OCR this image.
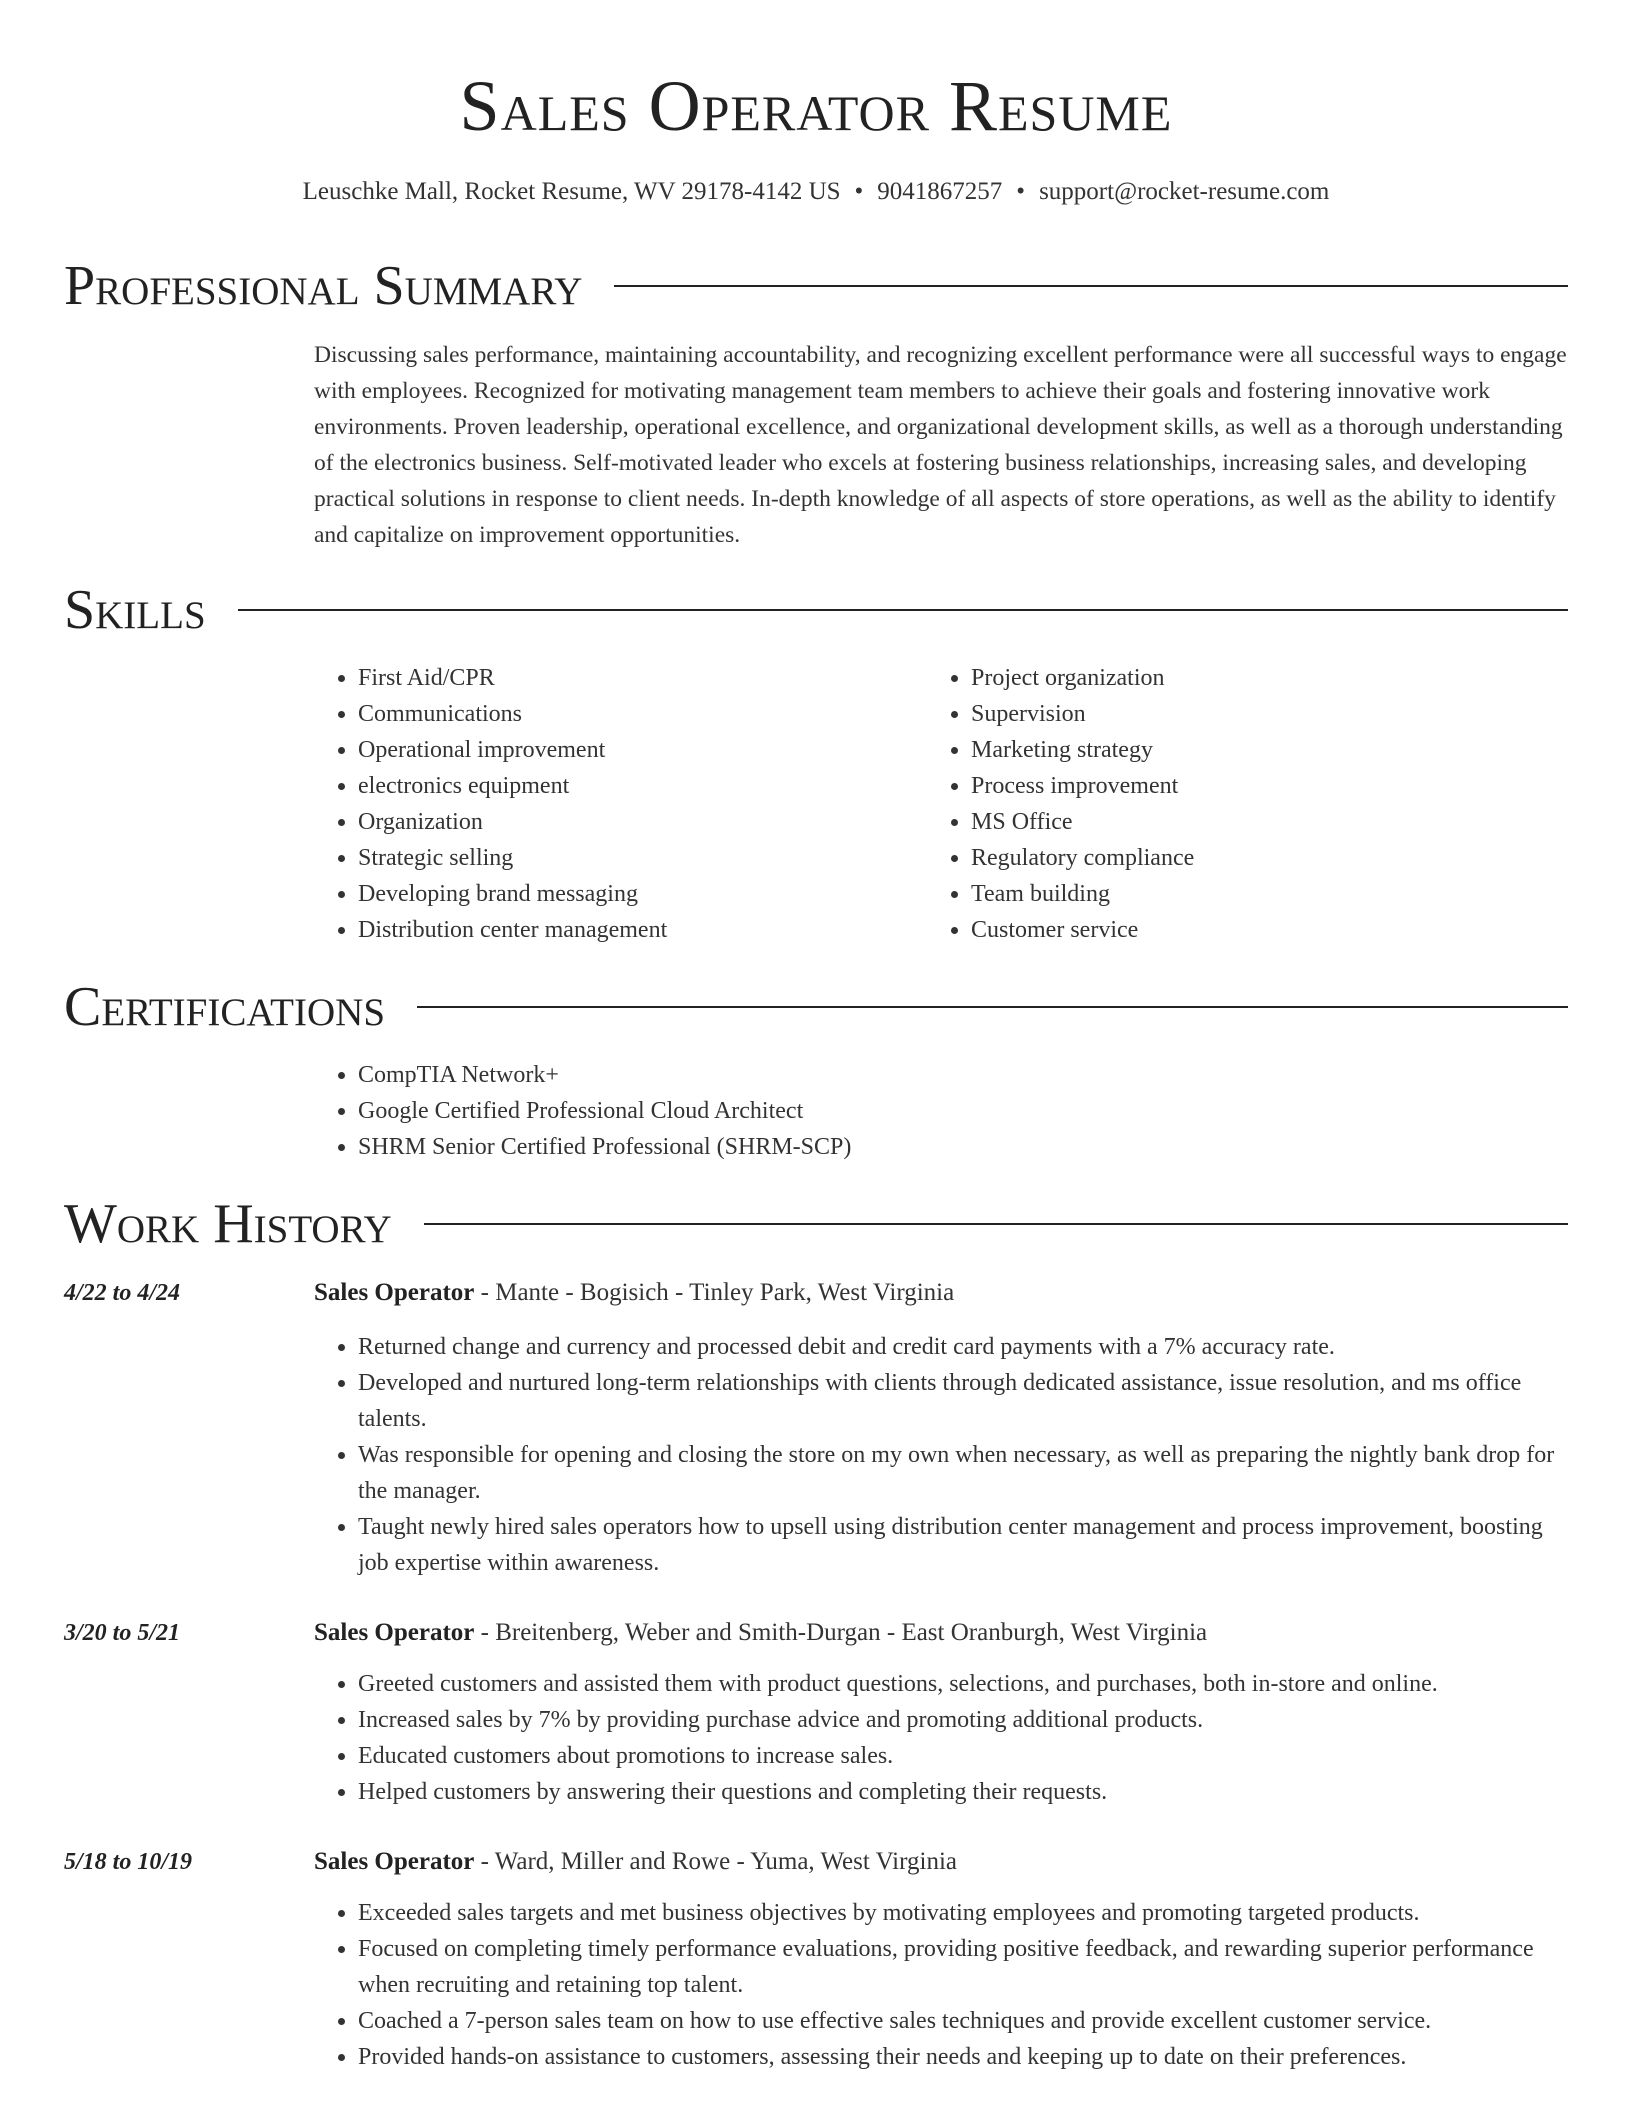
Sales Operator Resume
Leuschke Mall, Rocket Resume, WV 29178-4142 US • 9041867257 • support@rocket-resume.com
Professional Summary

Discussing sales performance, maintaining accountability, and recognizing excellent performance were all successful ways to engage with employees. Recognized for motivating management team members to achieve their goals and fostering innovative work environments. Proven leadership, operational excellence, and organizational development skills, as well as a thorough understanding of the electronics business. Self-motivated leader who excels at fostering business relationships, increasing sales, and developing practical solutions in response to client needs. In-depth knowledge of all aspects of store operations, as well as the ability to identify and capitalize on improvement opportunities.

Skills
• First Aid/CPR
• Communications
• Operational improvement
• electronics equipment
• Organization
• Strategic selling
• Developing brand messaging
• Distribution center management
• Project organization
• Supervision
• Marketing strategy
• Process improvement
• MS Office
• Regulatory compliance
• Team building
• Customer service
Certifications
• CompTIA Network+
• Google Certified Professional Cloud Architect
• SHRM Senior Certified Professional (SHRM-SCP)
Work History
4/22 to 4/24	Sales Operator - Mante - Bogisich - Tinley Park, West Virginia
• Returned change and currency and processed debit and credit card payments with a 7% accuracy rate.
• Developed and nurtured long-term relationships with clients through dedicated assistance, issue resolution, and ms office talents.
• Was responsible for opening and closing the store on my own when necessary, as well as preparing the nightly bank drop for the manager.
• Taught newly hired sales operators how to upsell using distribution center management and process improvement, boosting job expertise within awareness.
3/20 to 5/21	Sales Operator - Breitenberg, Weber and Smith-Durgan - East Oranburgh, West Virginia
• Greeted customers and assisted them with product questions, selections, and purchases, both in-store and online.
• Increased sales by 7% by providing purchase advice and promoting additional products.
• Educated customers about promotions to increase sales.
• Helped customers by answering their questions and completing their requests.
5/18 to 10/19	Sales Operator - Ward, Miller and Rowe - Yuma, West Virginia
• Exceeded sales targets and met business objectives by motivating employees and promoting targeted products.
• Focused on completing timely performance evaluations, providing positive feedback, and rewarding superior performance when recruiting and retaining top talent.
• Coached a 7-person sales team on how to use effective sales techniques and provide excellent customer service.
• Provided hands-on assistance to customers, assessing their needs and keeping up to date on their preferences.
